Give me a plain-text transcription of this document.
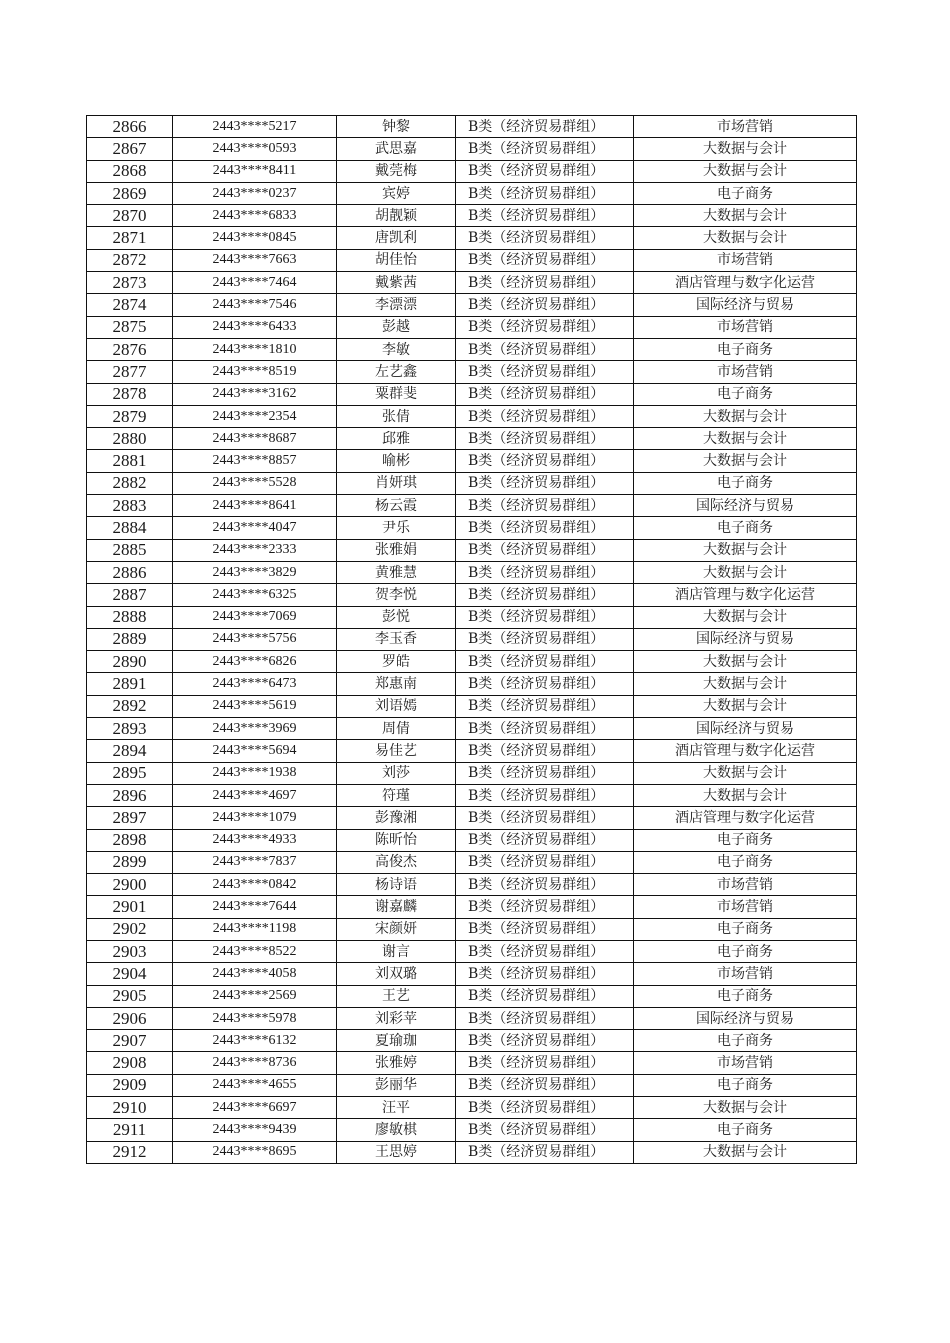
2866	2443****5217	钟黎	B类（经济贸易群组）	市场营销
2867	2443****0593	武思嘉	B类（经济贸易群组）	大数据与会计
2868	2443****8411	戴莞梅	B类（经济贸易群组）	大数据与会计
2869	2443****0237	宾婷	B类（经济贸易群组）	电子商务
2870	2443****6833	胡靓颖	B类（经济贸易群组）	大数据与会计
2871	2443****0845	唐凯利	B类（经济贸易群组）	大数据与会计
2872	2443****7663	胡佳怡	B类（经济贸易群组）	市场营销
2873	2443****7464	戴紫茜	B类（经济贸易群组）	酒店管理与数字化运营
2874	2443****7546	李漂漂	B类（经济贸易群组）	国际经济与贸易
2875	2443****6433	彭越	B类（经济贸易群组）	市场营销
2876	2443****1810	李敏	B类（经济贸易群组）	电子商务
2877	2443****8519	左艺鑫	B类（经济贸易群组）	市场营销
2878	2443****3162	粟群斐	B类（经济贸易群组）	电子商务
2879	2443****2354	张倩	B类（经济贸易群组）	大数据与会计
2880	2443****8687	邱雅	B类（经济贸易群组）	大数据与会计
2881	2443****8857	喻彬	B类（经济贸易群组）	大数据与会计
2882	2443****5528	肖妍琪	B类（经济贸易群组）	电子商务
2883	2443****8641	杨云霞	B类（经济贸易群组）	国际经济与贸易
2884	2443****4047	尹乐	B类（经济贸易群组）	电子商务
2885	2443****2333	张雅娟	B类（经济贸易群组）	大数据与会计
2886	2443****3829	黄雅慧	B类（经济贸易群组）	大数据与会计
2887	2443****6325	贺李悦	B类（经济贸易群组）	酒店管理与数字化运营
2888	2443****7069	彭悦	B类（经济贸易群组）	大数据与会计
2889	2443****5756	李玉香	B类（经济贸易群组）	国际经济与贸易
2890	2443****6826	罗皓	B类（经济贸易群组）	大数据与会计
2891	2443****6473	郑惠南	B类（经济贸易群组）	大数据与会计
2892	2443****5619	刘语嫣	B类（经济贸易群组）	大数据与会计
2893	2443****3969	周倩	B类（经济贸易群组）	国际经济与贸易
2894	2443****5694	易佳艺	B类（经济贸易群组）	酒店管理与数字化运营
2895	2443****1938	刘莎	B类（经济贸易群组）	大数据与会计
2896	2443****4697	符瑾	B类（经济贸易群组）	大数据与会计
2897	2443****1079	彭豫湘	B类（经济贸易群组）	酒店管理与数字化运营
2898	2443****4933	陈昕怡	B类（经济贸易群组）	电子商务
2899	2443****7837	高俊杰	B类（经济贸易群组）	电子商务
2900	2443****0842	杨诗语	B类（经济贸易群组）	市场营销
2901	2443****7644	谢嘉麟	B类（经济贸易群组）	市场营销
2902	2443****1198	宋颜妍	B类（经济贸易群组）	电子商务
2903	2443****8522	谢言	B类（经济贸易群组）	电子商务
2904	2443****4058	刘双璐	B类（经济贸易群组）	市场营销
2905	2443****2569	王艺	B类（经济贸易群组）	电子商务
2906	2443****5978	刘彩苹	B类（经济贸易群组）	国际经济与贸易
2907	2443****6132	夏瑜珈	B类（经济贸易群组）	电子商务
2908	2443****8736	张雅婷	B类（经济贸易群组）	市场营销
2909	2443****4655	彭丽华	B类（经济贸易群组）	电子商务
2910	2443****6697	汪平	B类（经济贸易群组）	大数据与会计
2911	2443****9439	廖敏棋	B类（经济贸易群组）	电子商务
2912	2443****8695	王思婷	B类（经济贸易群组）	大数据与会计
